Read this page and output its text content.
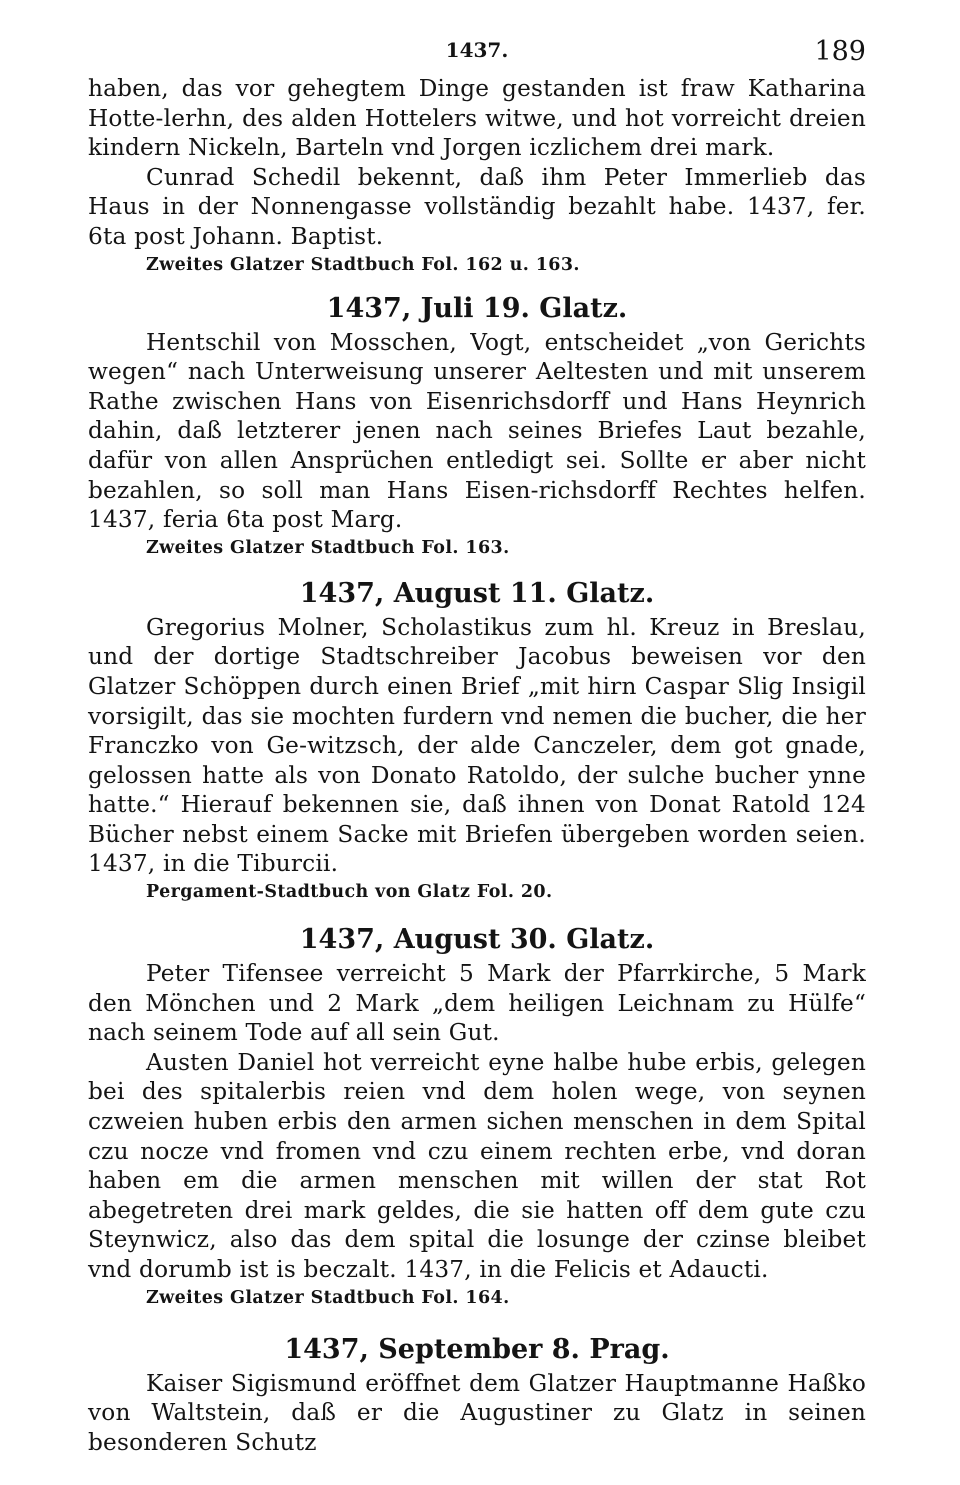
1437.	189

haben, das vor gehegtem Dinge gestanden ist fraw Katharina Hotte-lerhn, des alden Hottelers witwe, und hot vorreicht dreien kindern Nickeln, Barteln vnd Jorgen iczlichem drei mark.

Cunrad Schedil bekennt, daß ihm Peter Immerlieb das Haus in der Nonnengasse vollständig bezahlt habe. 1437, fer. 6ta post Johann. Baptist.

Zweites Glatzer Stadtbuch Fol. 162 u. 163.

1437, Juli 19. Glatz.

Hentschil von Mosschen, Vogt, entscheidet „von Gerichts wegen“ nach Unterweisung unserer Aeltesten und mit unserem Rathe zwischen Hans von Eisenrichsdorff und Hans Heynrich dahin, daß letzterer jenen nach seines Briefes Laut bezahle, dafür von allen Ansprüchen entledigt sei. Sollte er aber nicht bezahlen, so soll man Hans Eisen-richsdorff Rechtes helfen. 1437, feria 6ta post Marg.

Zweites Glatzer Stadtbuch Fol. 163.

1437, August 11. Glatz.

Gregorius Molner, Scholastikus zum hl. Kreuz in Breslau, und der dortige Stadtschreiber Jacobus beweisen vor den Glatzer Schöppen durch einen Brief „mit hirn Caspar Slig Insigil vorsigilt, das sie mochten furdern vnd nemen die bucher, die her Franczko von Ge-witzsch, der alde Canczeler, dem got gnade, gelossen hatte als von Donato Ratoldo, der sulche bucher ynne hatte.“ Hierauf bekennen sie, daß ihnen von Donat Ratold 124 Bücher nebst einem Sacke mit Briefen übergeben worden seien. 1437, in die Tiburcii.

Pergament-Stadtbuch von Glatz Fol. 20.

1437, August 30. Glatz.

Peter Tifensee verreicht 5 Mark der Pfarrkirche, 5 Mark den Mönchen und 2 Mark „dem heiligen Leichnam zu Hülfe“ nach seinem Tode auf all sein Gut.

Austen Daniel hot verreicht eyne halbe hube erbis, gelegen bei des spitalerbis reien vnd dem holen wege, von seynen czweien huben erbis den armen sichen menschen in dem Spital czu nocze vnd fromen vnd czu einem rechten erbe, vnd doran haben em die armen menschen mit willen der stat Rot abegetreten drei mark geldes, die sie hatten off dem gute czu Steynwicz, also das dem spital die losunge der czinse bleibet vnd dorumb ist is beczalt. 1437, in die Felicis et Adaucti.

Zweites Glatzer Stadtbuch Fol. 164.

1437, September 8. Prag.

Kaiser Sigismund eröffnet dem Glatzer Hauptmanne Haßko von Waltstein, daß er die Augustiner zu Glatz in seinen besonderen Schutz
